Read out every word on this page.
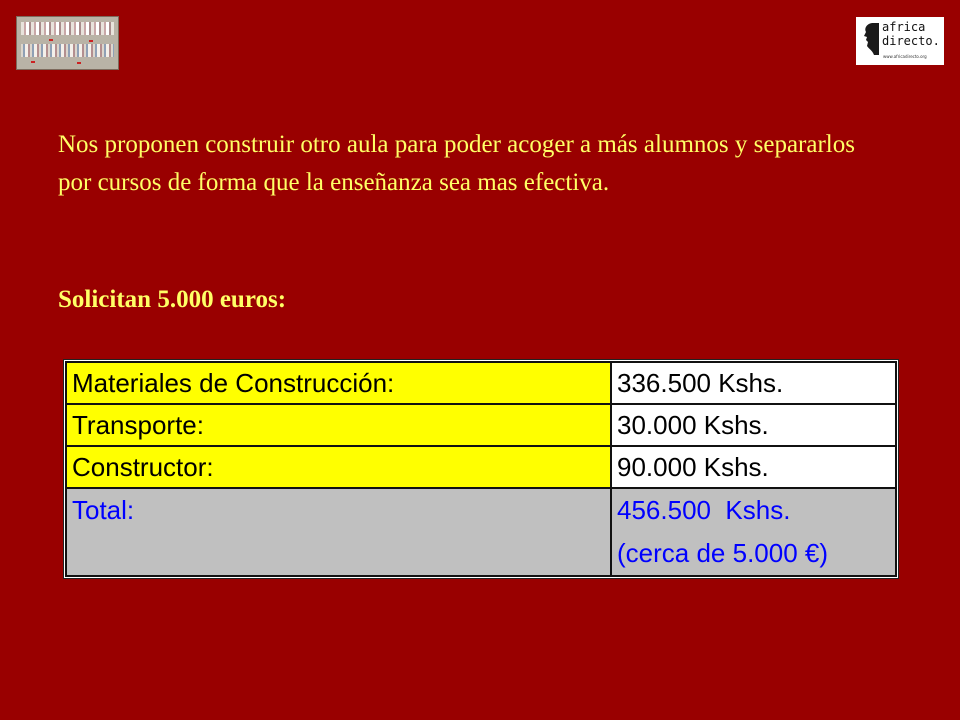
africa
directo.
www.africadirecto.org

Nos proponen construir otro aula para poder acoger a más alumnos y separarlos por cursos de forma que la enseñanza sea mas efectiva.

Solicitan 5.000 euros:

Materiales de Construcción:	336.500 Kshs.
Transporte:	30.000 Kshs.
Constructor:	90.000 Kshs.
Total:	456.500  Kshs.
(cerca de 5.000 €)
